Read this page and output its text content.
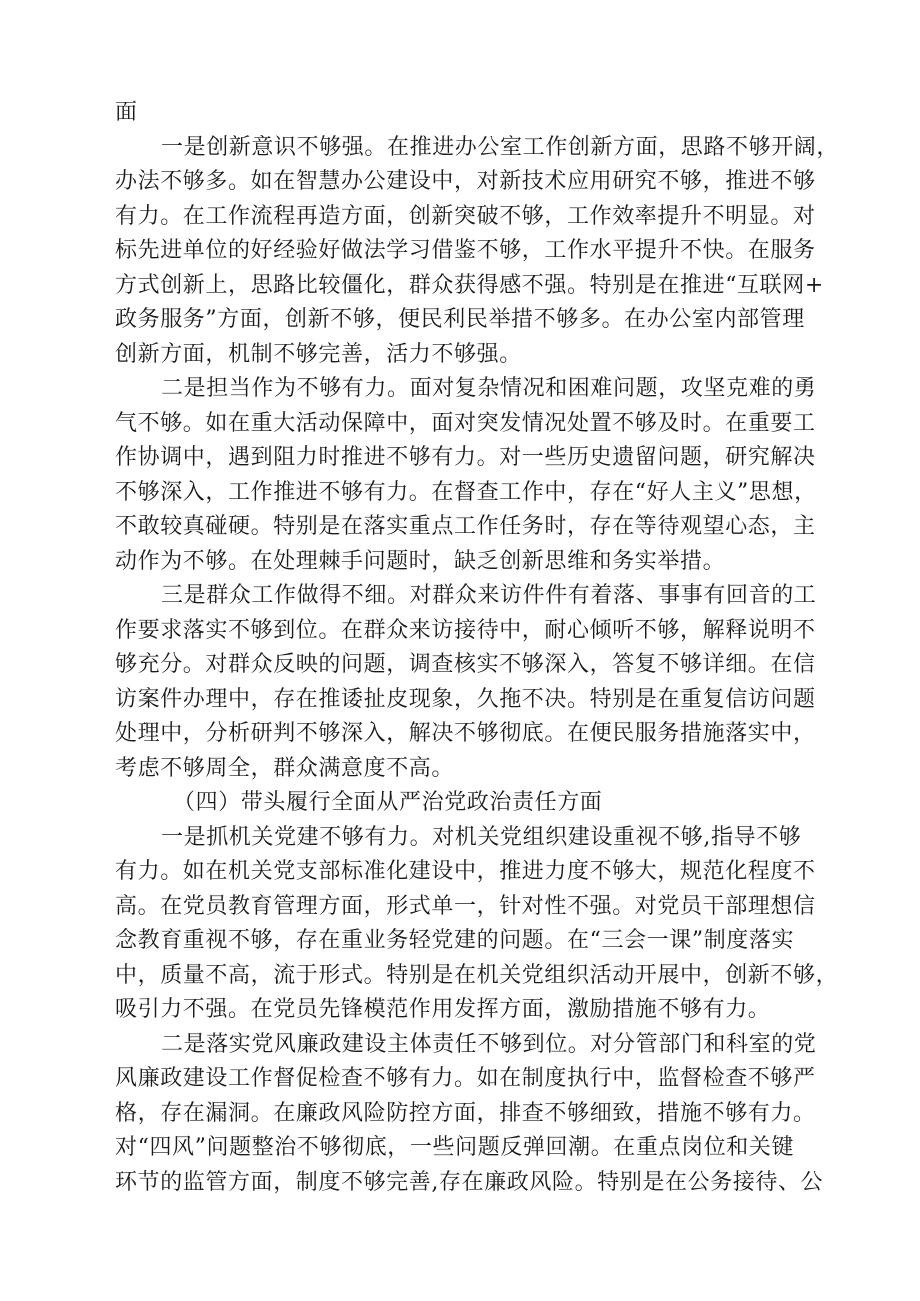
面
一是创新意识不够强。在推进办公室工作创新方面，思路不够开阔，
办法不够多。如在智慧办公建设中，对新技术应用研究不够，推进不够
有力。在工作流程再造方面，创新突破不够，工作效率提升不明显。对
标先进单位的好经验好做法学习借鉴不够，工作水平提升不快。在服务
方式创新上，思路比较僵化，群众获得感不强。特别是在推进“互联网+
政务服务”方面，创新不够，便民利民举措不够多。在办公室内部管理
创新方面，机制不够完善，活力不够强。
二是担当作为不够有力。面对复杂情况和困难问题，攻坚克难的勇
气不够。如在重大活动保障中，面对突发情况处置不够及时。在重要工
作协调中，遇到阻力时推进不够有力。对一些历史遗留问题，研究解决
不够深入，工作推进不够有力。在督查工作中，存在“好人主义”思想，
不敢较真碰硬。特别是在落实重点工作任务时，存在等待观望心态，主
动作为不够。在处理棘手问题时，缺乏创新思维和务实举措。
三是群众工作做得不细。对群众来访件件有着落、事事有回音的工
作要求落实不够到位。在群众来访接待中，耐心倾听不够，解释说明不
够充分。对群众反映的问题，调查核实不够深入，答复不够详细。在信
访案件办理中，存在推诿扯皮现象，久拖不决。特别是在重复信访问题
处理中，分析研判不够深入，解决不够彻底。在便民服务措施落实中，
考虑不够周全，群众满意度不高。
（四）带头履行全面从严治党政治责任方面
一是抓机关党建不够有力。对机关党组织建设重视不够,指导不够
有力。如在机关党支部标准化建设中，推进力度不够大，规范化程度不
高。在党员教育管理方面，形式单一，针对性不强。对党员干部理想信
念教育重视不够，存在重业务轻党建的问题。在“三会一课”制度落实
中，质量不高，流于形式。特别是在机关党组织活动开展中，创新不够，
吸引力不强。在党员先锋模范作用发挥方面，激励措施不够有力。
二是落实党风廉政建设主体责任不够到位。对分管部门和科室的党
风廉政建设工作督促检查不够有力。如在制度执行中，监督检查不够严
格，存在漏洞。在廉政风险防控方面，排查不够细致，措施不够有力。
对“四风”问题整治不够彻底，一些问题反弹回潮。在重点岗位和关键
环节的监管方面，制度不够完善,存在廉政风险。特别是在公务接待、公
